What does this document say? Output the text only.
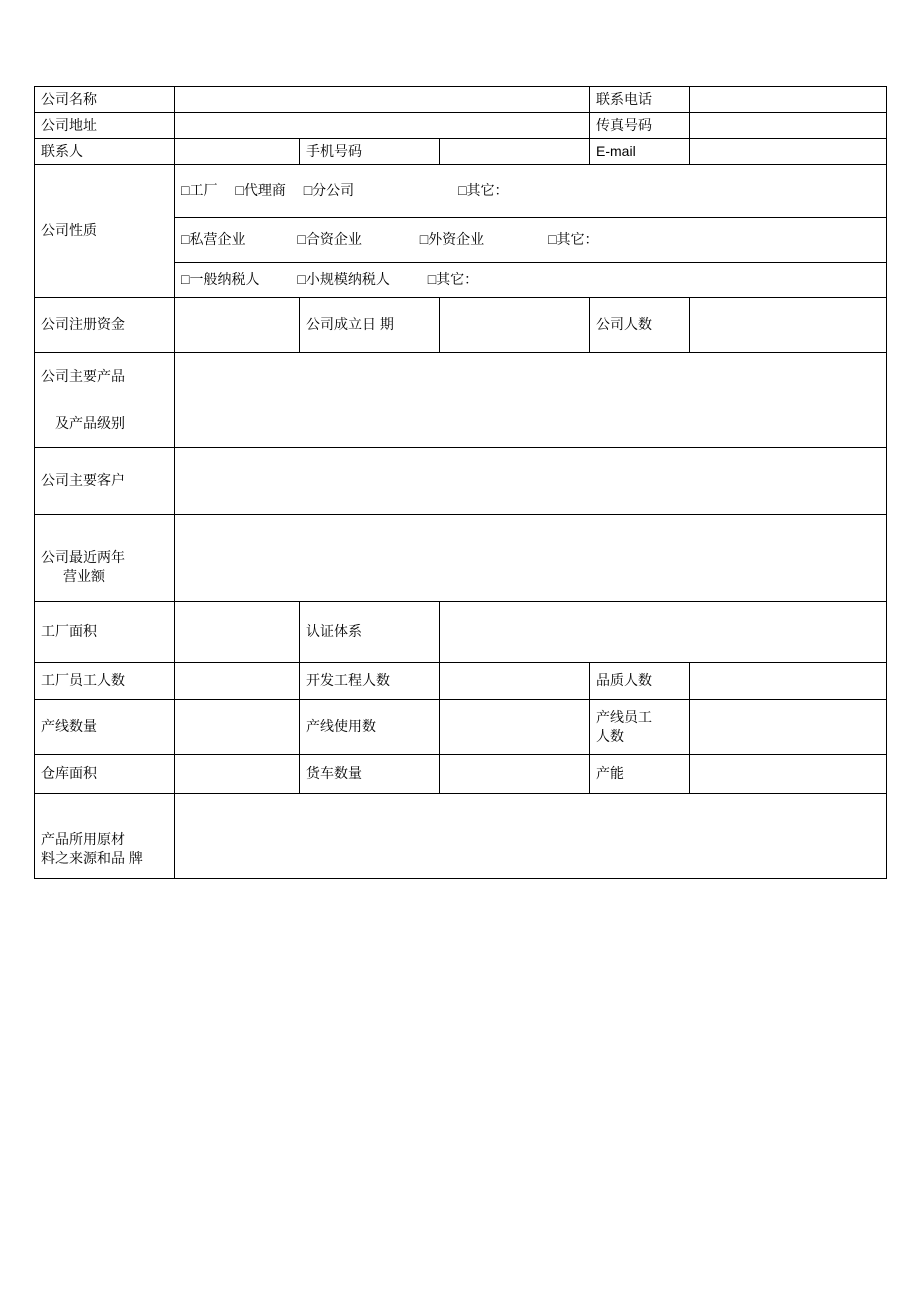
公司名称				联系电话	
公司地址				传真号码	
联系人		手机号码		E-mail	
公司性质	□工厂 □代理商 □分公司 □其它：				

	□私营企业 □合资企业 □外资企业 □其它：				

	□一般纳税人 □小规模纳税人 □其它：				

公司注册资金		公司成立日 期		公司人数	

公司主要产品
及产品级别					

公司主要客户					

公司最近两年
营业额					

工厂面积		认证体系			
工厂员工人数		开发工程人数		品质人数	
产线数量		产线使用数		产线员工
人数	

仓库面积		货车数量		产能	

产品所用原材
料之来源和品 牌					
